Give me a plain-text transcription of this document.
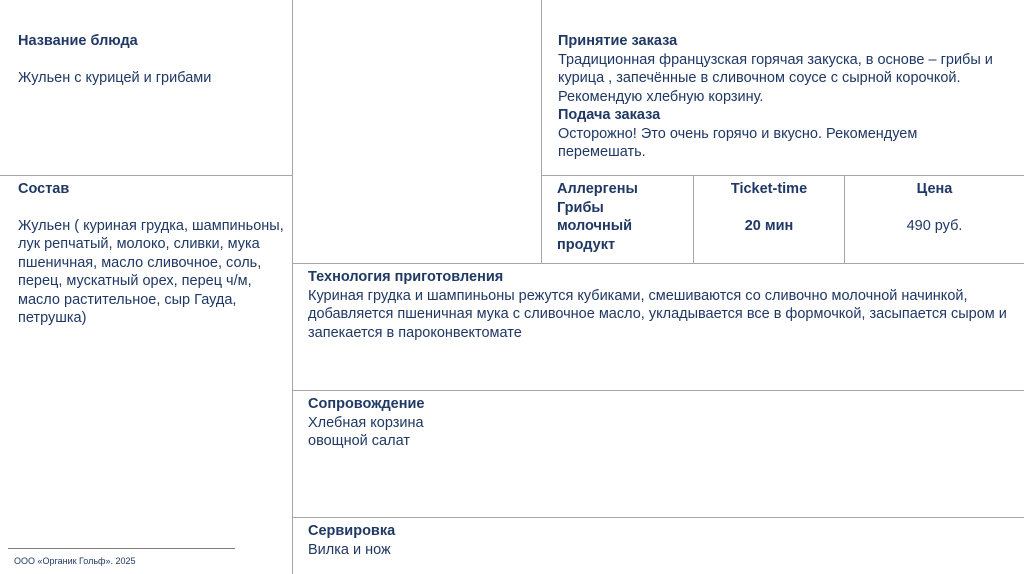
Название блюда

Жульен с курицей и грибами

Состав

Жульен ( куриная грудка, шампиньоны, лук репчатый, молоко, сливки, мука пшеничная, масло сливочное, соль, перец, мускатный орех, перец ч/м, масло растительное, сыр Гауда, петрушка)

Принятие заказа

Традиционная французская горячая закуска, в основе – грибы и курица , запечённые в сливочном соусе с сырной корочкой. Рекомендую хлебную корзину.

Подача заказа

Осторожно! Это очень горячо и вкусно. Рекомендуем перемешать.

Аллергены

Грибы молочный продукт

Ticket-time

20 мин

Цена

490 руб.

Технология приготовления

Куриная грудка и шампиньоны режутся кубиками, смешиваются со сливочно молочной начинкой, добавляется пшеничная мука с сливочное масло, укладывается все в формочкой, засыпается сыром и запекается в пароконвектомате

Сопровождение

Хлебная корзина

овощной салат

Сервировка

Вилка и нож

ООО «Органик Гольф». 2025
